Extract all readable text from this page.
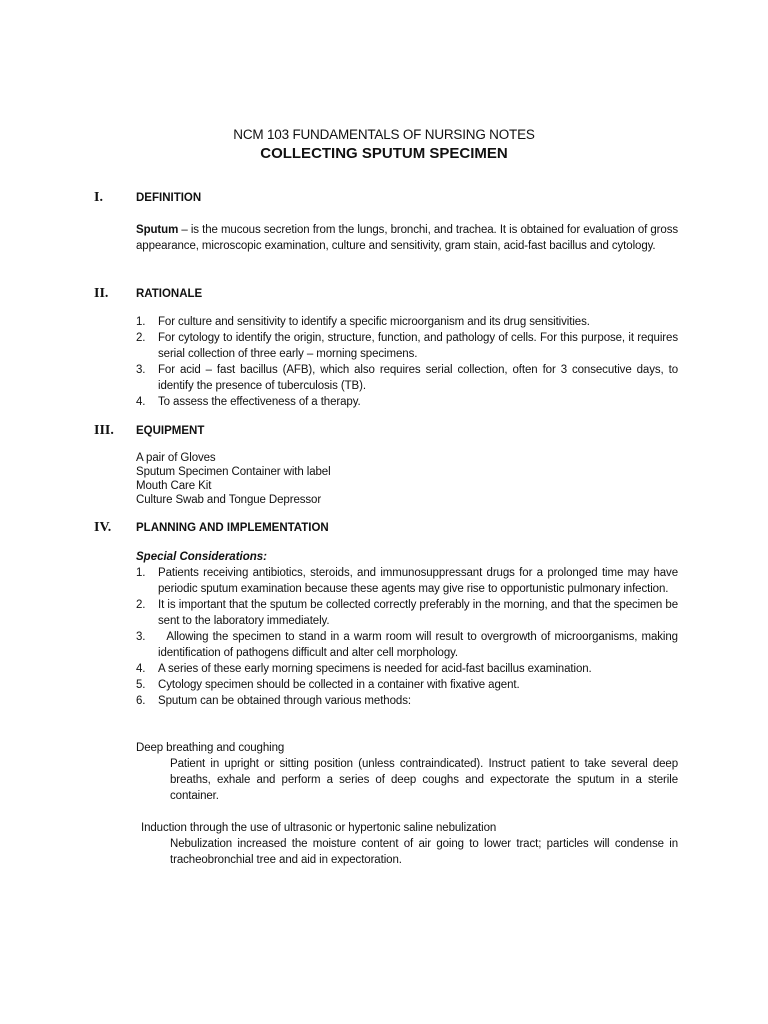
NCM 103 FUNDAMENTALS OF NURSING NOTES
COLLECTING SPUTUM SPECIMEN
I.	DEFINITION
Sputum – is the mucous secretion from the lungs, bronchi, and trachea. It is obtained for evaluation of gross appearance, microscopic examination, culture and sensitivity, gram stain, acid-fast bacillus and cytology.
II. RATIONALE
1. For culture and sensitivity to identify a specific microorganism and its drug sensitivities.
2. For cytology to identify the origin, structure, function, and pathology of cells. For this purpose, it requires serial collection of three early – morning specimens.
3. For acid – fast bacillus (AFB), which also requires serial collection, often for 3 consecutive days, to identify the presence of tuberculosis (TB).
4. To assess the effectiveness of a therapy.
III. EQUIPMENT
A pair of Gloves
Sputum Specimen Container with label
Mouth Care Kit
Culture Swab and Tongue Depressor
IV. PLANNING AND IMPLEMENTATION
Special Considerations:
1. Patients receiving antibiotics, steroids, and immunosuppressant drugs for a prolonged time may have periodic sputum examination because these agents may give rise to opportunistic pulmonary infection.
2. It is important that the sputum be collected correctly preferably in the morning, and that the specimen be sent to the laboratory immediately.
3. Allowing the specimen to stand in a warm room will result to overgrowth of microorganisms, making identification of pathogens difficult and alter cell morphology.
4. A series of these early morning specimens is needed for acid-fast bacillus examination.
5. Cytology specimen should be collected in a container with fixative agent.
6. Sputum can be obtained through various methods:
Deep breathing and coughing
Patient in upright or sitting position (unless contraindicated). Instruct patient to take several deep breaths, exhale and perform a series of deep coughs and expectorate the sputum in a sterile container.
Induction through the use of ultrasonic or hypertonic saline nebulization
Nebulization increased the moisture content of air going to lower tract; particles will condense in tracheobronchial tree and aid in expectoration.
